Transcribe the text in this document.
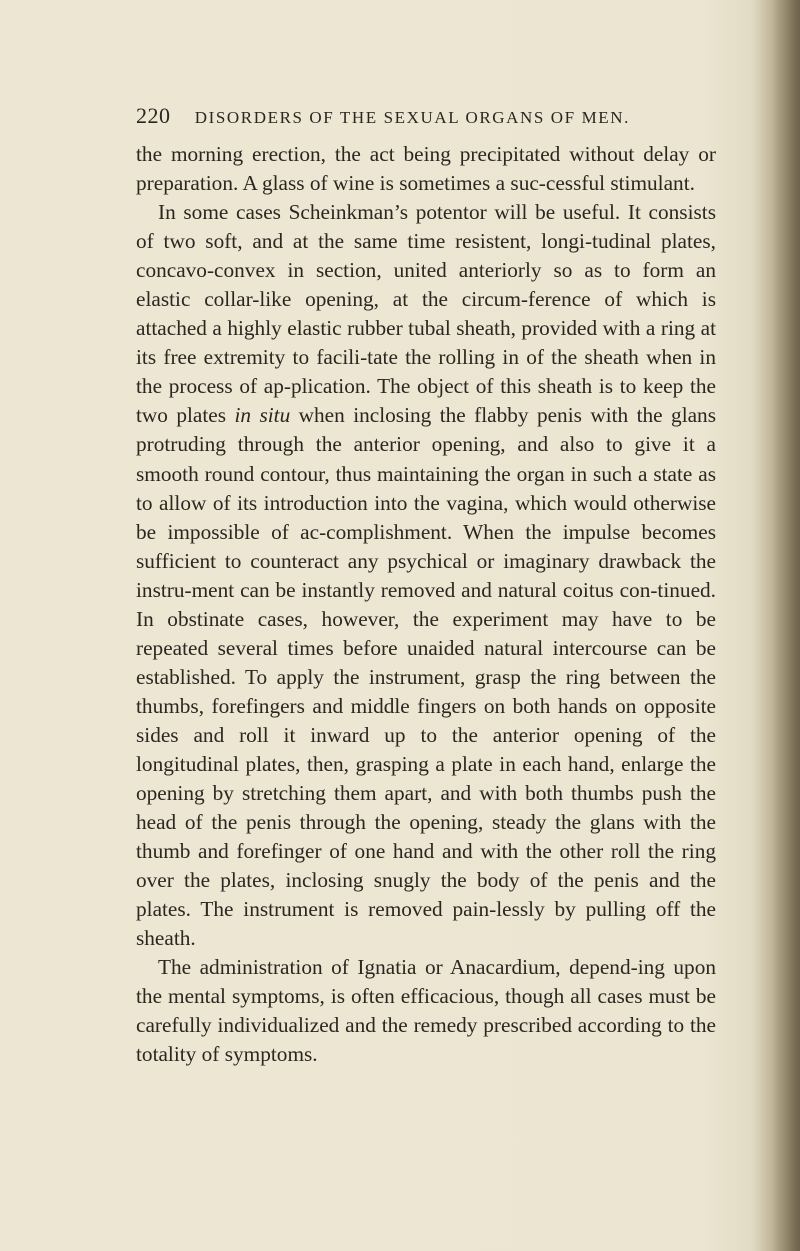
220 DISORDERS OF THE SEXUAL ORGANS OF MEN.

the morning erection, the act being precipitated without delay or preparation. A glass of wine is sometimes a suc-cessful stimulant.

In some cases Scheinkman’s potentor will be useful. It consists of two soft, and at the same time resistent, longi-tudinal plates, concavo-convex in section, united anteriorly so as to form an elastic collar-like opening, at the circum-ference of which is attached a highly elastic rubber tubal sheath, provided with a ring at its free extremity to facili-tate the rolling in of the sheath when in the process of ap-plication. The object of this sheath is to keep the two plates in situ when inclosing the flabby penis with the glans protruding through the anterior opening, and also to give it a smooth round contour, thus maintaining the organ in such a state as to allow of its introduction into the vagina, which would otherwise be impossible of ac-complishment. When the impulse becomes sufficient to counteract any psychical or imaginary drawback the instru-ment can be instantly removed and natural coitus con-tinued. In obstinate cases, however, the experiment may have to be repeated several times before unaided natural intercourse can be established. To apply the instrument, grasp the ring between the thumbs, forefingers and middle fingers on both hands on opposite sides and roll it inward up to the anterior opening of the longitudinal plates, then, grasping a plate in each hand, enlarge the opening by stretching them apart, and with both thumbs push the head of the penis through the opening, steady the glans with the thumb and forefinger of one hand and with the other roll the ring over the plates, inclosing snugly the body of the penis and the plates. The instrument is removed pain-lessly by pulling off the sheath.

The administration of Ignatia or Anacardium, depend-ing upon the mental symptoms, is often efficacious, though all cases must be carefully individualized and the remedy prescribed according to the totality of symptoms.
